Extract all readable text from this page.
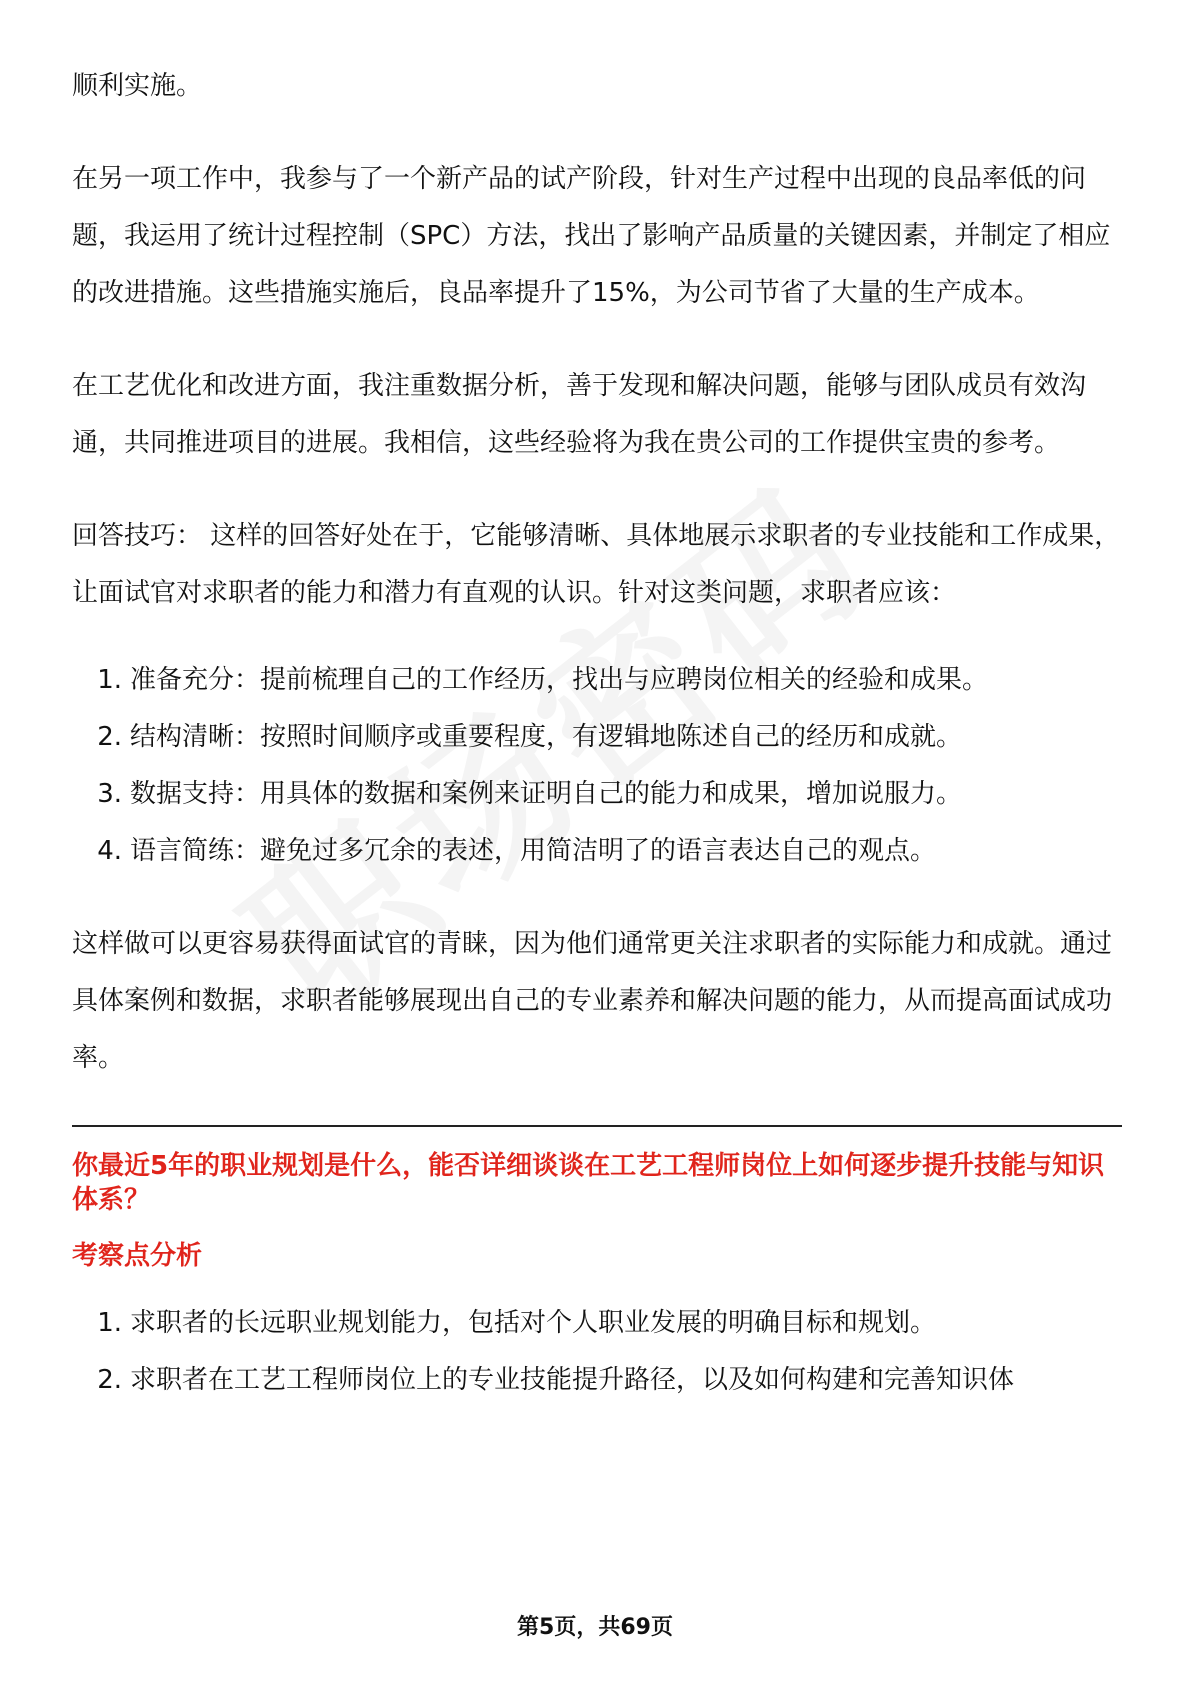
顺利实施。

在另一项工作中，我参与了一个新产品的试产阶段，针对生产过程中出现的良品率低的问题，我运用了统计过程控制（SPC）方法，找出了影响产品质量的关键因素，并制定了相应的改进措施。这些措施实施后，良品率提升了15%，为公司节省了大量的生产成本。

在工艺优化和改进方面，我注重数据分析，善于发现和解决问题，能够与团队成员有效沟通，共同推进项目的进展。我相信，这些经验将为我在贵公司的工作提供宝贵的参考。

回答技巧： 这样的回答好处在于，它能够清晰、具体地展示求职者的专业技能和工作成果，让面试官对求职者的能力和潜力有直观的认识。针对这类问题，求职者应该：

1. 准备充分：提前梳理自己的工作经历，找出与应聘岗位相关的经验和成果。
2. 结构清晰：按照时间顺序或重要程度，有逻辑地陈述自己的经历和成就。
3. 数据支持：用具体的数据和案例来证明自己的能力和成果，增加说服力。
4. 语言简练：避免过多冗余的表述，用简洁明了的语言表达自己的观点。

这样做可以更容易获得面试官的青睐，因为他们通常更关注求职者的实际能力和成就。通过具体案例和数据，求职者能够展现出自己的专业素养和解决问题的能力，从而提高面试成功率。

你最近5年的职业规划是什么，能否详细谈谈在工艺工程师岗位上如何逐步提升技能与知识体系？
考察点分析
1. 求职者的长远职业规划能力，包括对个人职业发展的明确目标和规划。
2. 求职者在工艺工程师岗位上的专业技能提升路径，以及如何构建和完善知识体
第5页，共69页
